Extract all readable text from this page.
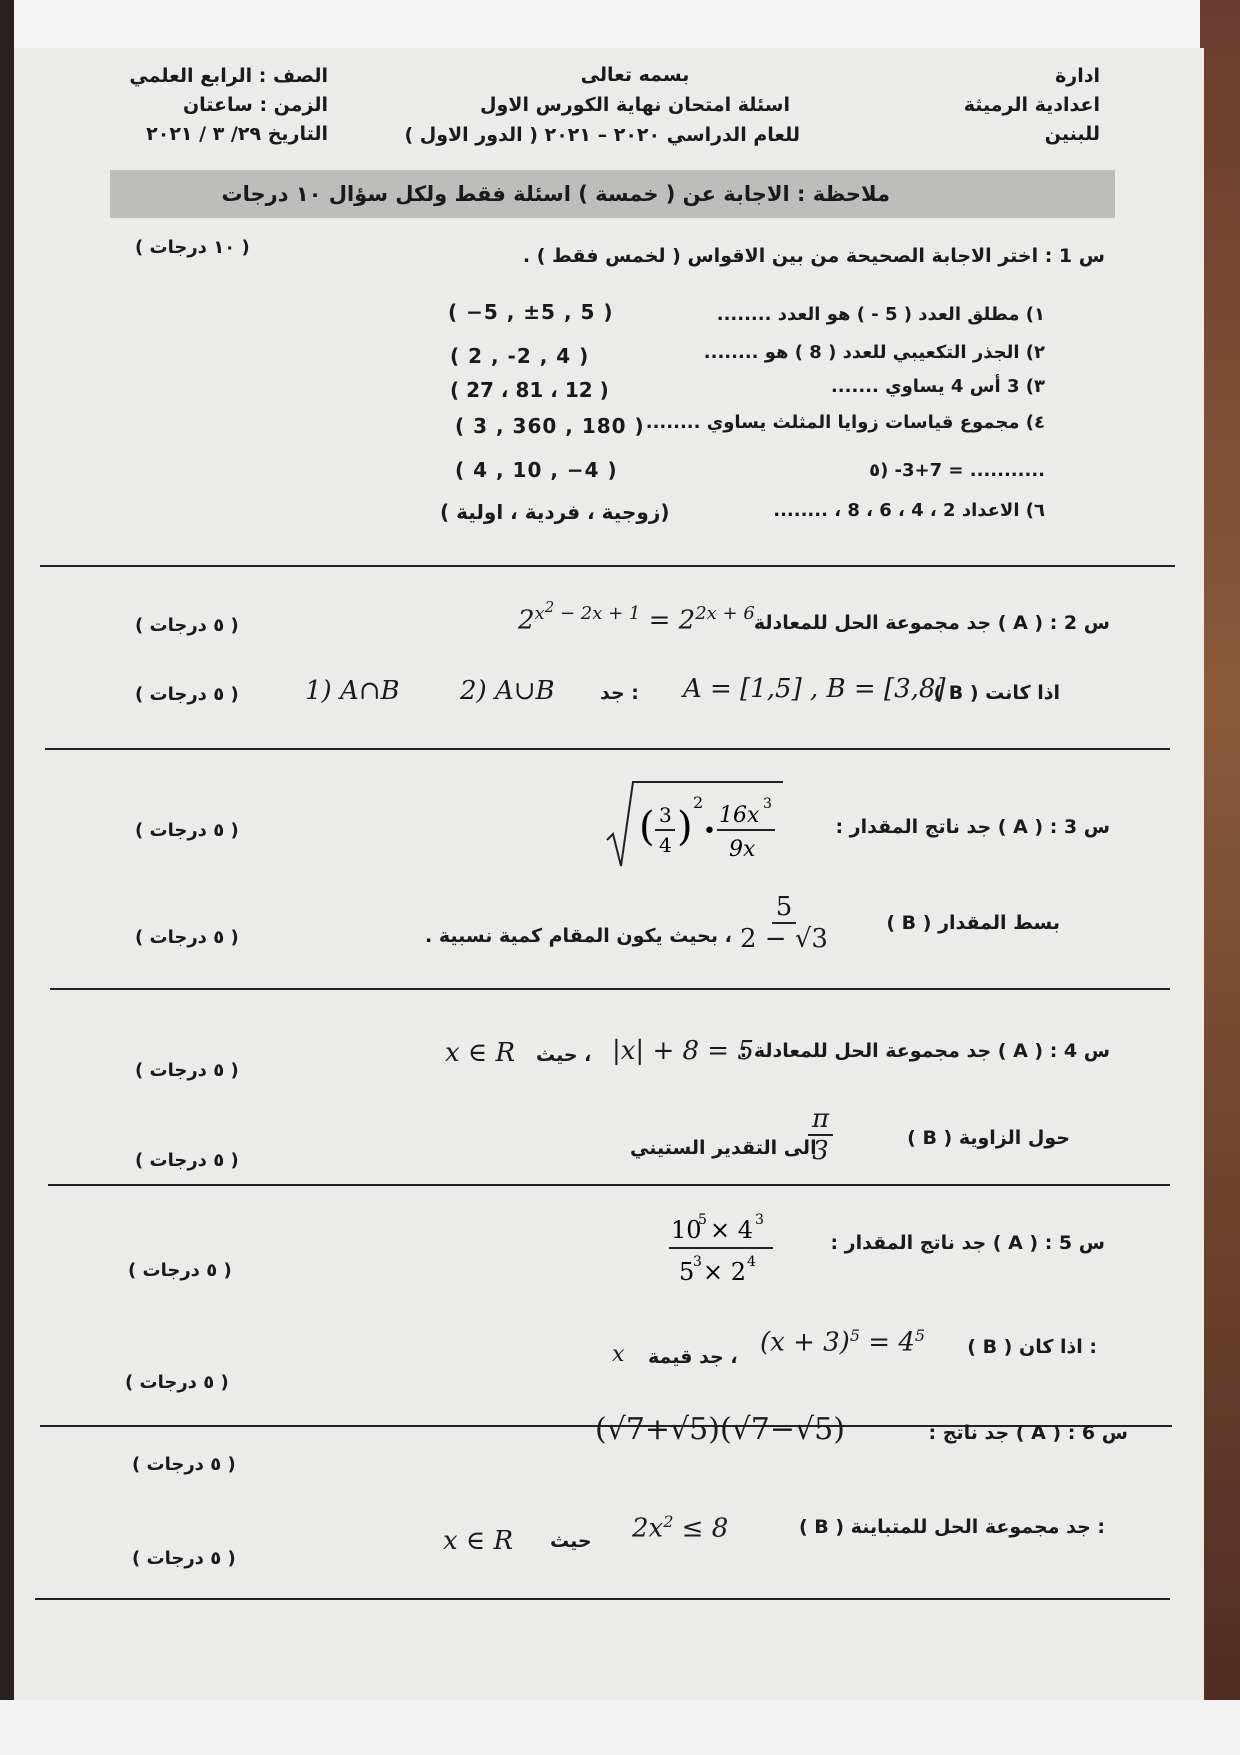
ادارة
اعدادية الرميثة
للبنين
بسمه تعالى
اسئلة امتحان نهاية الكورس الاول
للعام الدراسي ٢٠٢٠ – ٢٠٢١ ( الدور الاول )
الصف : الرابع العلمي
الزمن : ساعتان
التاريخ ٢٩/ ٣ / ٢٠٢١
ملاحظة : الاجابة عن ( خمسة ) اسئلة فقط ولكل سؤال ١٠ درجات
س 1 : اختر الاجابة الصحيحة من بين الاقواس ( لخمس فقط ) .
( ١٠ درجات )
١) مطلق العدد ( 5 - ) هو العدد ........
( −5 , ±5 , 5 )
٢) الجذر التكعيبي للعدد ( 8 ) هو ........
( 2 , -2 , 4 )
٣) 3 أس 4 يساوي .......
( 27 ، 81 ، 12 )
٤) مجموع قياسات زوايا المثلث يساوي ........
( 3 , 360 , 180 )
٥) -3+7 = ...........
( 4 , 10 , −4 )
٦) الاعداد 2 ، 4 ، 6 ، 8 ، ........
(زوجية ، فردية ، اولية )
س 2 : ( A ) جد مجموعة الحل للمعادلة
$2^{x^2 - 2x + 1} = 2^{2x + 6}$
( ٥ درجات )
( B ) اذا كانت
A = [1,5] , B = [3,8]
: جد
2) A∪B
1) A∩B
( ٥ درجات )
س 3 : ( A ) جد ناتج المقدار :
( 3
4 )
2
•
16x 3
9x
( ٥ درجات )
( B ) بسط المقدار
$\frac{5}{2 - √3}$
، بحيث يكون المقام كمية نسبية .
( ٥ درجات )
س 4 : ( A ) جد مجموعة الحل للمعادلة :
|x| + 8 = 5
، حيث
x ∈ R
( ٥ درجات )
( B ) حول الزاوية
$\frac{\pi}{3}$
الى التقدير الستيني
( ٥ درجات )
س 5 : ( A ) جد ناتج المقدار :
10
5 × 4 3
5
3 × 2 4
( ٥ درجات )
( B ) اذا كان :
$(x + 3)^5 = 4^5$
، جد قيمة
x
( ٥ درجات )
س 6 : ( A ) جد ناتج :
(√7+√5)(√7−√5)
( ٥ درجات )
( B ) جد مجموعة الحل للمتباينة :
$2x^2 \le 8$
حيث
x ∈ R
( ٥ درجات )
